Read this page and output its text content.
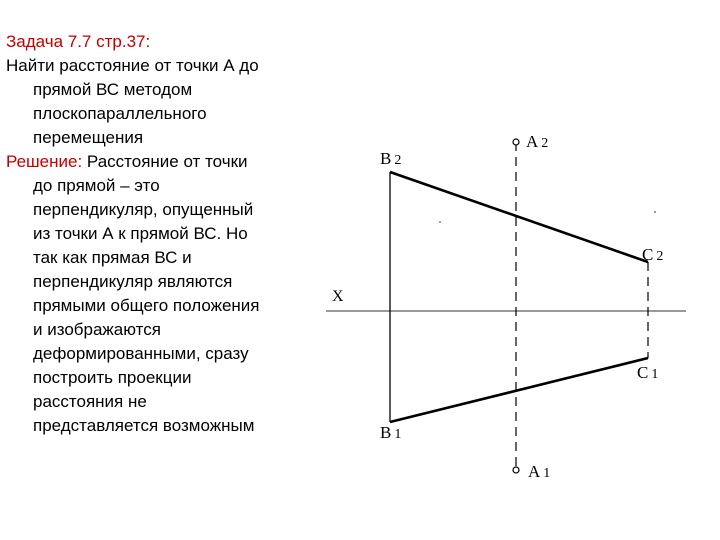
Задача 7.7 стр.37:

Найти расстояние от точки А до
прямой ВС методом
плоскопараллельного
перемещения

Решение: Расстояние от точки
до прямой – это
перпендикуляр, опущенный
из точки А к прямой ВС. Но
так как прямая ВС и
перпендикуляр являются
прямыми общего положения
и изображаются
деформированными, сразу
построить проекции
расстояния не
представляется возможным

X
A 2
B 2
C 2
C 1
B 1
A 1
